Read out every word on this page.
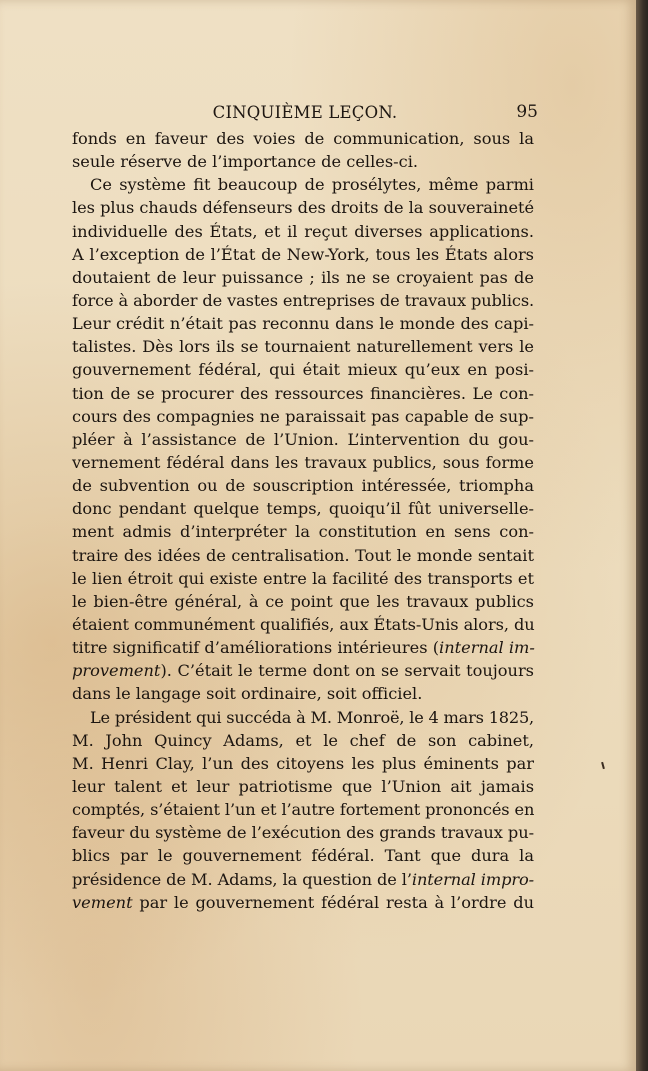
CINQUIÈME LEÇON.	95
fonds en faveur des voies de communication, sous la
seule réserve de l’importance de celles-ci.
Ce système fit beaucoup de prosélytes, même parmi
les plus chauds défenseurs des droits de la souveraineté
individuelle des États, et il reçut diverses applications.
A l’exception de l’État de New-York, tous les États alors
doutaient de leur puissance ; ils ne se croyaient pas de
force à aborder de vastes entreprises de travaux publics.
Leur crédit n’était pas reconnu dans le monde des capi-
talistes. Dès lors ils se tournaient naturellement vers le
gouvernement fédéral, qui était mieux qu’eux en posi-
tion de se procurer des ressources financières. Le con-
cours des compagnies ne paraissait pas capable de sup-
pléer à l’assistance de l’Union. L’intervention du gou-
vernement fédéral dans les travaux publics, sous forme
de subvention ou de souscription intéressée, triompha
donc pendant quelque temps, quoiqu’il fût universelle-
ment admis d’interpréter la constitution en sens con-
traire des idées de centralisation. Tout le monde sentait
le lien étroit qui existe entre la facilité des transports et
le bien-être général, à ce point que les travaux publics
étaient communément qualifiés, aux États-Unis alors, du
titre significatif d’améliorations intérieures (internal im-
provement). C’était le terme dont on se servait toujours
dans le langage soit ordinaire, soit officiel.
Le président qui succéda à M. Monroë, le 4 mars 1825,
M. John Quincy Adams, et le chef de son cabinet,
M. Henri Clay, l’un des citoyens les plus éminents par
leur talent et leur patriotisme que l’Union ait jamais
comptés, s’étaient l’un et l’autre fortement prononcés en
faveur du système de l’exécution des grands travaux pu-
blics par le gouvernement fédéral. Tant que dura la
présidence de M. Adams, la question de l’internal impro-
vement par le gouvernement fédéral resta à l’ordre du
